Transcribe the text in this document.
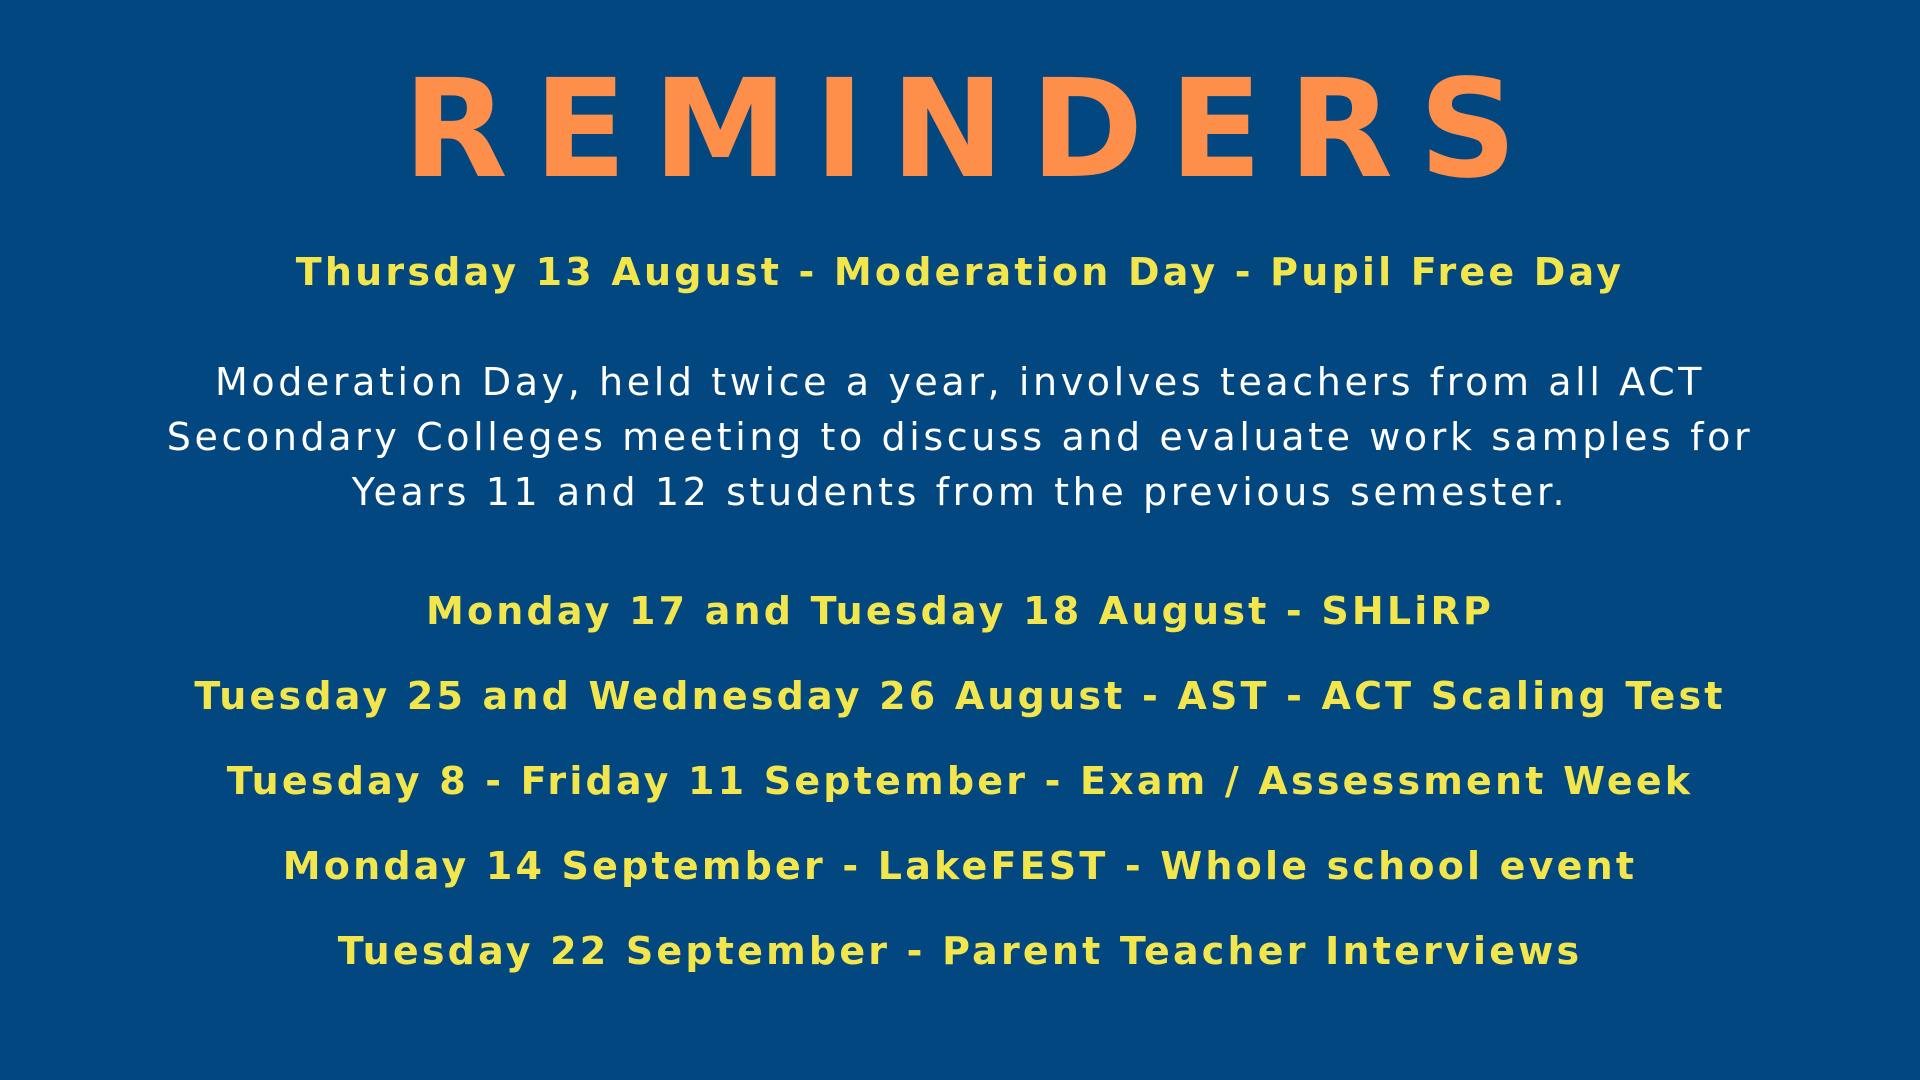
REMINDERS
Thursday 13 August - Moderation Day - Pupil Free Day
Moderation Day, held twice a year, involves teachers from all ACT
Secondary Colleges meeting to discuss and evaluate work samples for
Years 11 and 12 students from the previous semester.
Monday 17 and Tuesday 18 August - SHLiRP
Tuesday 25 and Wednesday 26 August - AST - ACT Scaling Test
Tuesday 8 - Friday 11 September - Exam / Assessment Week
Monday 14 September - LakeFEST - Whole school event
Tuesday 22 September - Parent Teacher Interviews
